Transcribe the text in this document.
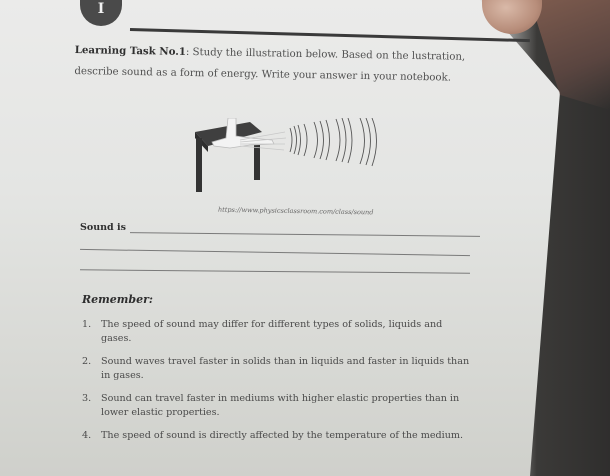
I
Learning Task No.1: Study the illustration below. Based on the lustration,
describe sound as a form of energy. Write your answer in your notebook.
https://www.physicsclassroom.com/class/sound
Sound is
Remember:
1.	The speed of sound may differ for different types of solids, liquids and gases.
2.	Sound waves travel faster in solids than in liquids and faster in liquids than in gases.
3.	Sound can travel faster in mediums with higher elastic properties than in lower elastic properties.
4.	The speed of sound is directly affected by the temperature of the medium.
